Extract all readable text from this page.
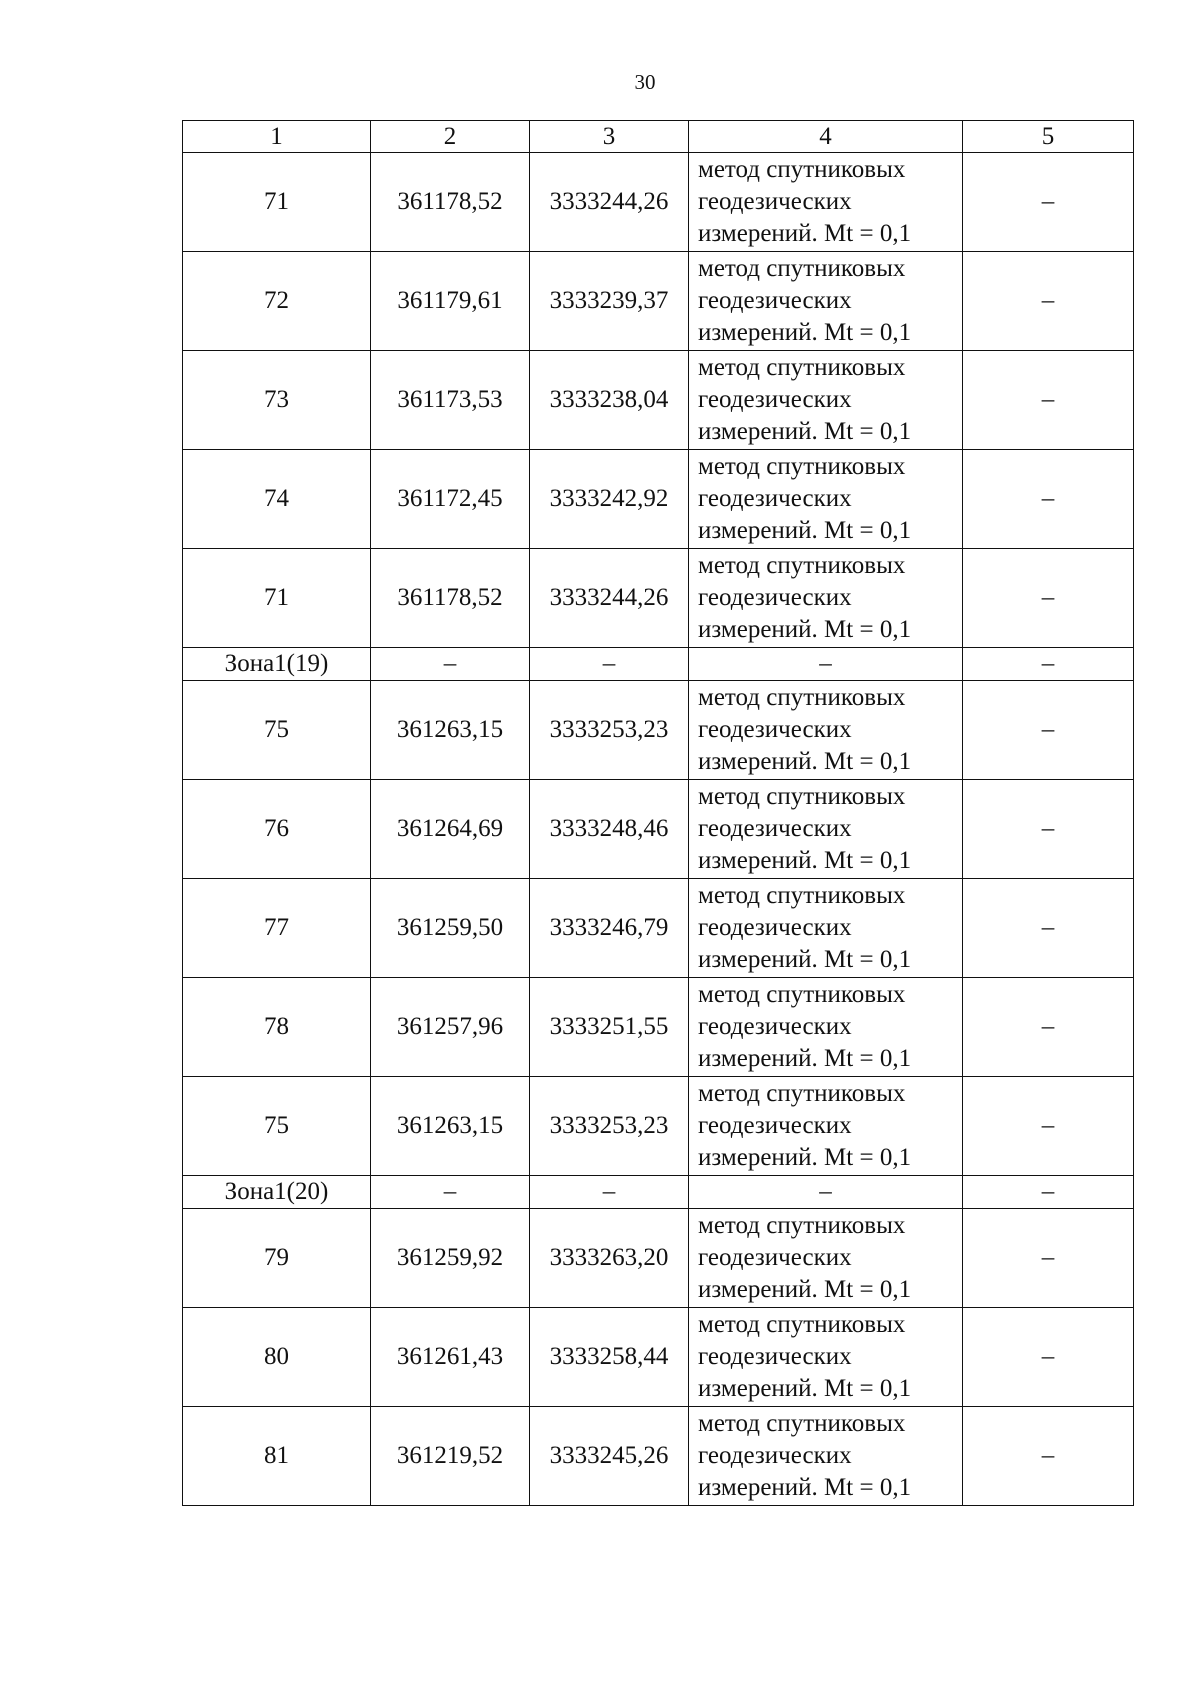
30
1	2	3	4	5
71	361178,52	3333244,26	метод спутниковых
геодезических
измерений. Mt = 0,1	–
72	361179,61	3333239,37	метод спутниковых
геодезических
измерений. Mt = 0,1	–
73	361173,53	3333238,04	метод спутниковых
геодезических
измерений. Mt = 0,1	–
74	361172,45	3333242,92	метод спутниковых
геодезических
измерений. Mt = 0,1	–
71	361178,52	3333244,26	метод спутниковых
геодезических
измерений. Mt = 0,1	–
Зона1(19)	–	–	–	–
75	361263,15	3333253,23	метод спутниковых
геодезических
измерений. Mt = 0,1	–
76	361264,69	3333248,46	метод спутниковых
геодезических
измерений. Mt = 0,1	–
77	361259,50	3333246,79	метод спутниковых
геодезических
измерений. Mt = 0,1	–
78	361257,96	3333251,55	метод спутниковых
геодезических
измерений. Mt = 0,1	–
75	361263,15	3333253,23	метод спутниковых
геодезических
измерений. Mt = 0,1	–
Зона1(20)	–	–	–	–
79	361259,92	3333263,20	метод спутниковых
геодезических
измерений. Mt = 0,1	–
80	361261,43	3333258,44	метод спутниковых
геодезических
измерений. Mt = 0,1	–
81	361219,52	3333245,26	метод спутниковых
геодезических
измерений. Mt = 0,1	–
